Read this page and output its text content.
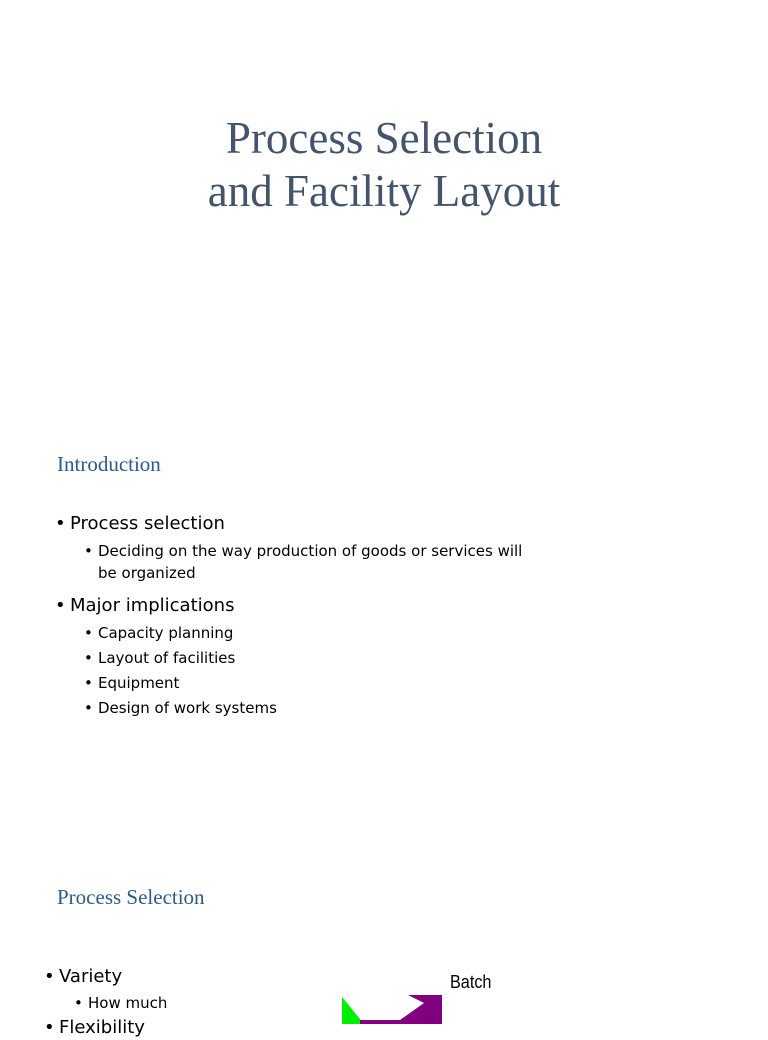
Process Selection
and Facility Layout
Introduction
• Process selection
• Deciding on the way production of goods or services will be organized
• Major implications
• Capacity planning
• Layout of facilities
• Equipment
• Design of work systems
Process Selection
• Variety
• How much
• Flexibility
Batch
